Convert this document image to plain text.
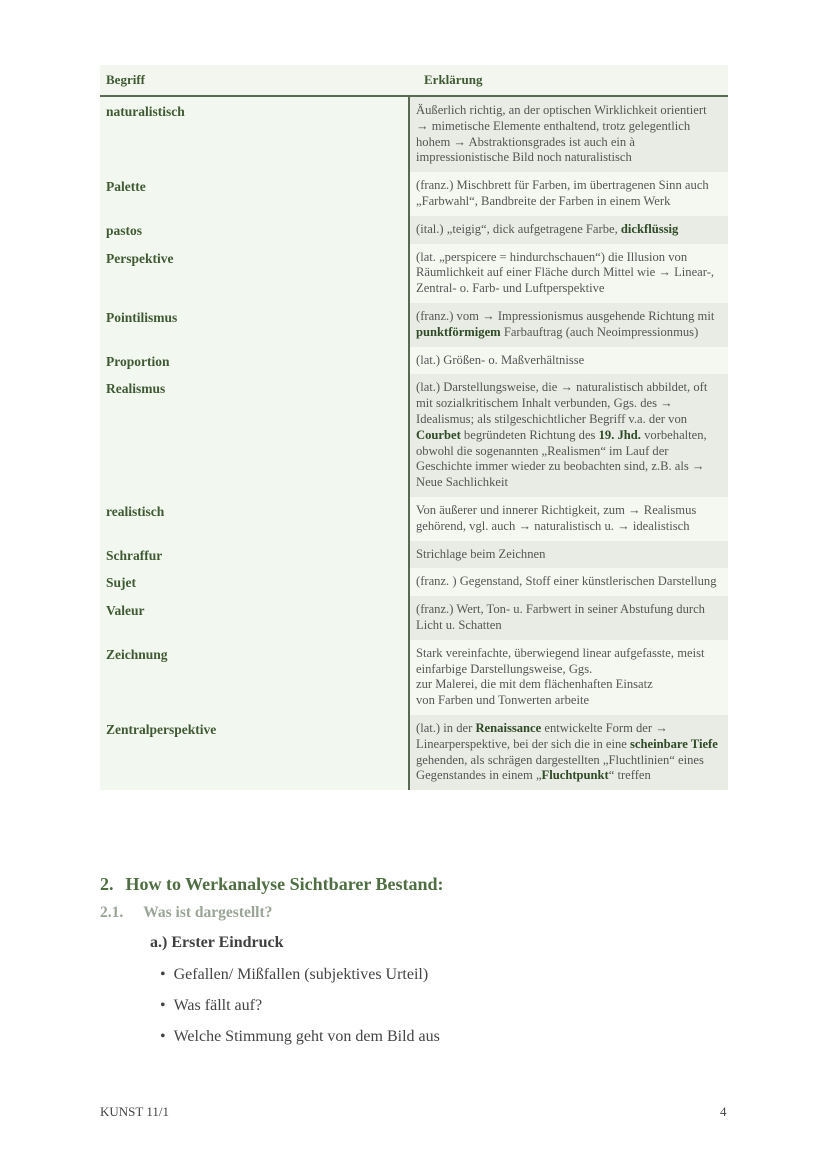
Begriff	Erklärung
naturalistisch	Äußerlich richtig, an der optischen Wirklichkeit orientiert → mimetische Elemente enthaltend, trotz gelegentlich hohem → Abstraktionsgrades ist auch ein à impressionistische Bild noch naturalistisch
Palette	(franz.) Mischbrett für Farben, im übertragenen Sinn auch „Farbwahl“, Bandbreite der Farben in einem Werk
pastos	(ital.) „teigig“, dick aufgetragene Farbe, dickflüssig
Perspektive	(lat. „perspicere = hindurchschauen“) die Illusion von Räumlichkeit auf einer Fläche durch Mittel wie → Linear-, Zentral- o. Farb- und Luftperspektive
Pointilismus	(franz.) vom → Impressionismus ausgehende Richtung mit punktförmigem Farbauftrag (auch Neoimpressionmus)
Proportion	(lat.) Größen- o. Maßverhältnisse
Realismus	(lat.) Darstellungsweise, die → naturalistisch abbildet, oft mit sozialkritischem Inhalt verbunden, Ggs. des → Idealismus; als stilgeschichtlicher Begriff v.a. der von Courbet begründeten Richtung des 19. Jhd. vorbehalten, obwohl die sogenannten „Realismen“ im Lauf der Geschichte immer wieder zu beobachten sind, z.B. als → Neue Sachlichkeit
realistisch	Von äußerer und innerer Richtigkeit, zum → Realismus gehörend, vgl. auch → naturalistisch u. → idealistisch
Schraffur	Strichlage beim Zeichnen
Sujet	(franz. ) Gegenstand, Stoff einer künstlerischen Darstellung
Valeur	(franz.) Wert, Ton- u. Farbwert in seiner Abstufung durch Licht u. Schatten
Zeichnung	Stark vereinfachte, überwiegend linear aufgefasste, meist einfarbige Darstellungsweise, Ggs.
zur Malerei, die mit dem flächenhaften Einsatz
von Farben und Tonwerten arbeite
Zentralperspektive	(lat.) in der Renaissance entwickelte Form der → Linearperspektive, bei der sich die in eine scheinbare Tiefe gehenden, als schrägen dargestellten „Fluchtlinien“ eines Gegenstandes in einem „Fluchtpunkt“ treffen
2. How to Werkanalyse Sichtbarer Bestand:
2.1. Was ist dargestellt?
a.) Erster Eindruck
• Gefallen/ Mißfallen (subjektives Urteil)
• Was fällt auf?
• Welche Stimmung geht von dem Bild aus
KUNST 11/1	4
